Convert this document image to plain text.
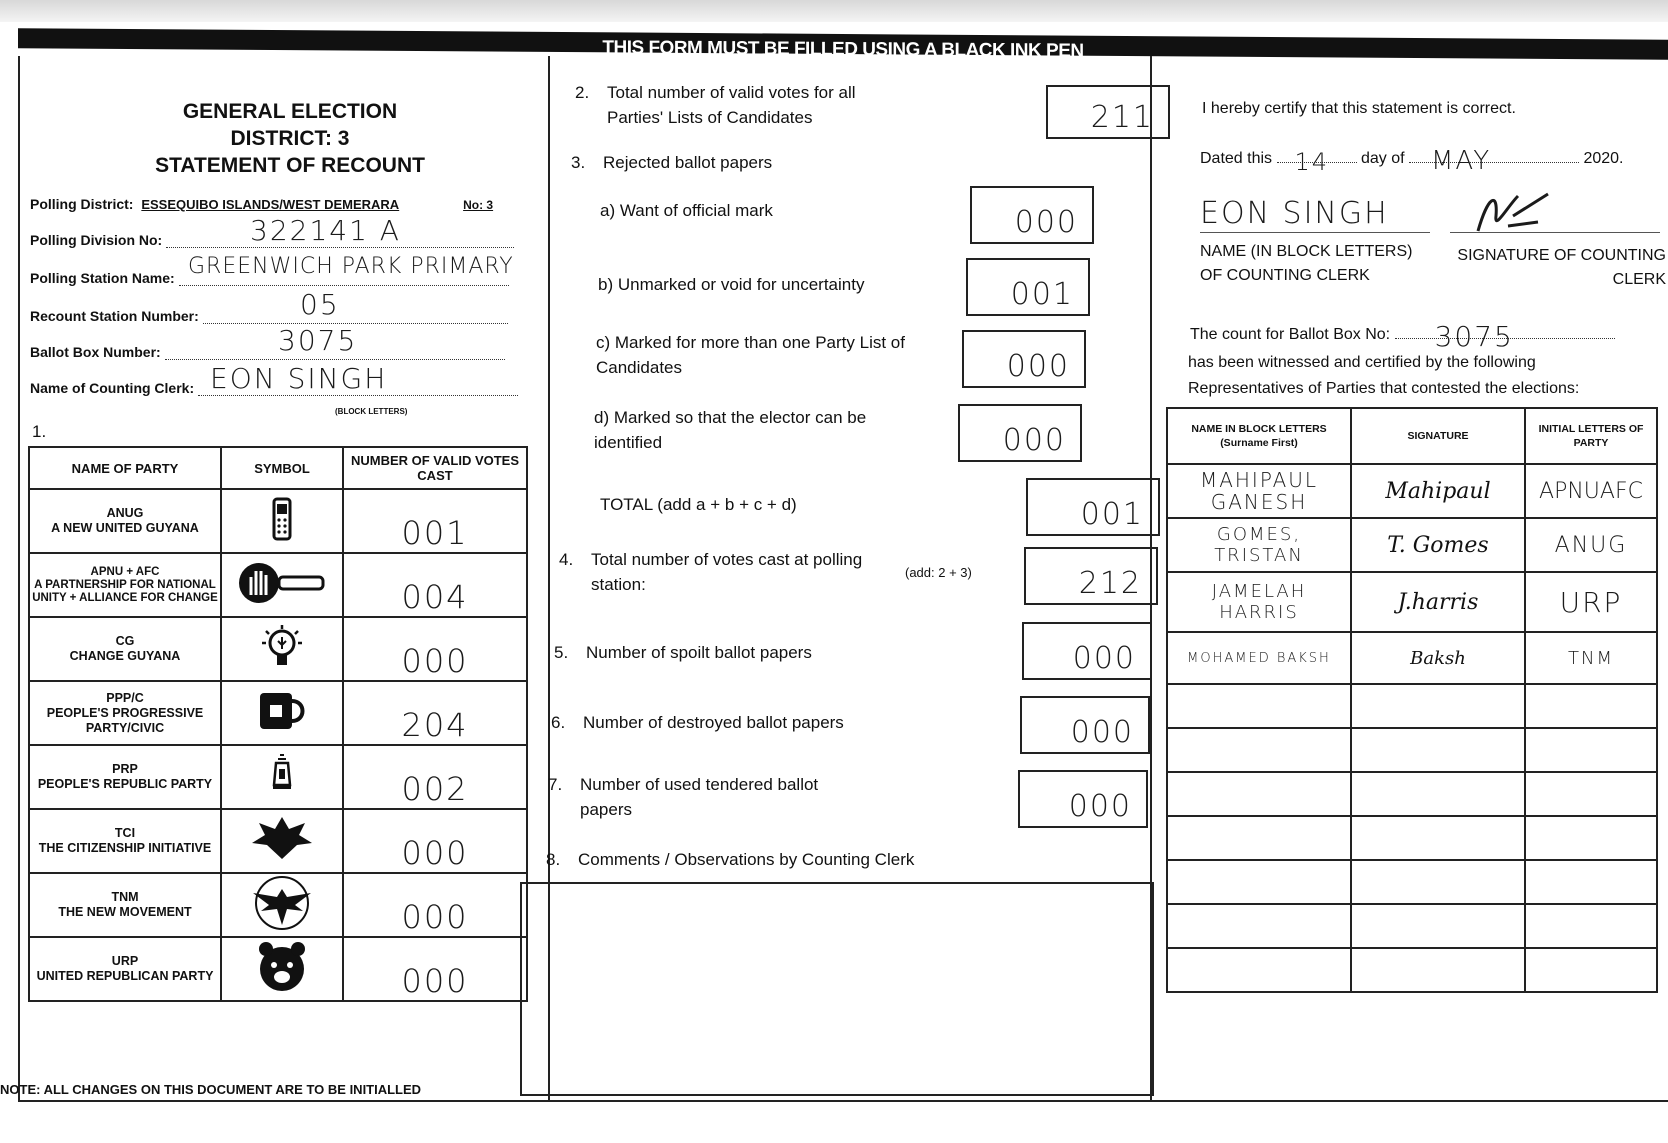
THIS FORM MUST BE FILLED USING A BLACK INK PEN
GENERAL ELECTION
DISTRICT: 3
STATEMENT OF RECOUNT
Polling District: ESSEQUIBO ISLANDS/WEST DEMERARA	No: 3
Polling Division No:	322141 A
Polling Station Name: GREENWICH PARK PRIMARY
Recount Station Number:	05
Ballot Box Number:	3075
Name of Counting Clerk: EON SINGH
(BLOCK LETTERS)
1.
NAME OF PARTY	SYMBOL	NUMBER OF VALID VOTES CAST
ANUG
A NEW UNITED GUYANA		001
APNU + AFC
A PARTNERSHIP FOR NATIONAL UNITY + ALLIANCE FOR CHANGE		004
CG
CHANGE GUYANA		000
PPP/C
PEOPLE'S PROGRESSIVE PARTY/CIVIC		204
PRP
PEOPLE'S REPUBLIC PARTY		002
TCI
THE CITIZENSHIP INITIATIVE		000
TNM
THE NEW MOVEMENT		000
URP
UNITED REPUBLICAN PARTY		000
NOTE: ALL CHANGES ON THIS DOCUMENT ARE TO BE INITIALLED
2. Total number of valid votes for all Parties' Lists of Candidates	211
3. Rejected ballot papers
a) Want of official mark	000
b) Unmarked or void for uncertainty	001
c) Marked for more than one Party List of Candidates	000
d) Marked so that the elector can be identified	000
TOTAL (add a + b + c + d)	001
4. Total number of votes cast at polling station:
(add: 2 + 3)	212
5. Number of spoilt ballot papers	000
6. Number of destroyed ballot papers	000
7. Number of used tendered ballot papers	000
8. Comments / Observations by Counting Clerk
I hereby certify that this statement is correct.
Dated this 14 day of MAY	2020.
EON SINGH
NAME (IN BLOCK LETTERS)
OF COUNTING CLERK
SIGNATURE OF COUNTING
CLERK
The count for Ballot Box No: 3075
has been witnessed and certified by the following
Representatives of Parties that contested the elections:
NAME IN BLOCK LETTERS (Surname First)	SIGNATURE	INITIAL LETTERS OF PARTY
MAHIPAUL GANESH	Mahipaul	APNUAFC
GOMES, TRISTAN	T. Gomes	ANUG
JAMELAH HARRIS	J.harris	URP
MOHAMED BAKSH	Baksh	TNM
